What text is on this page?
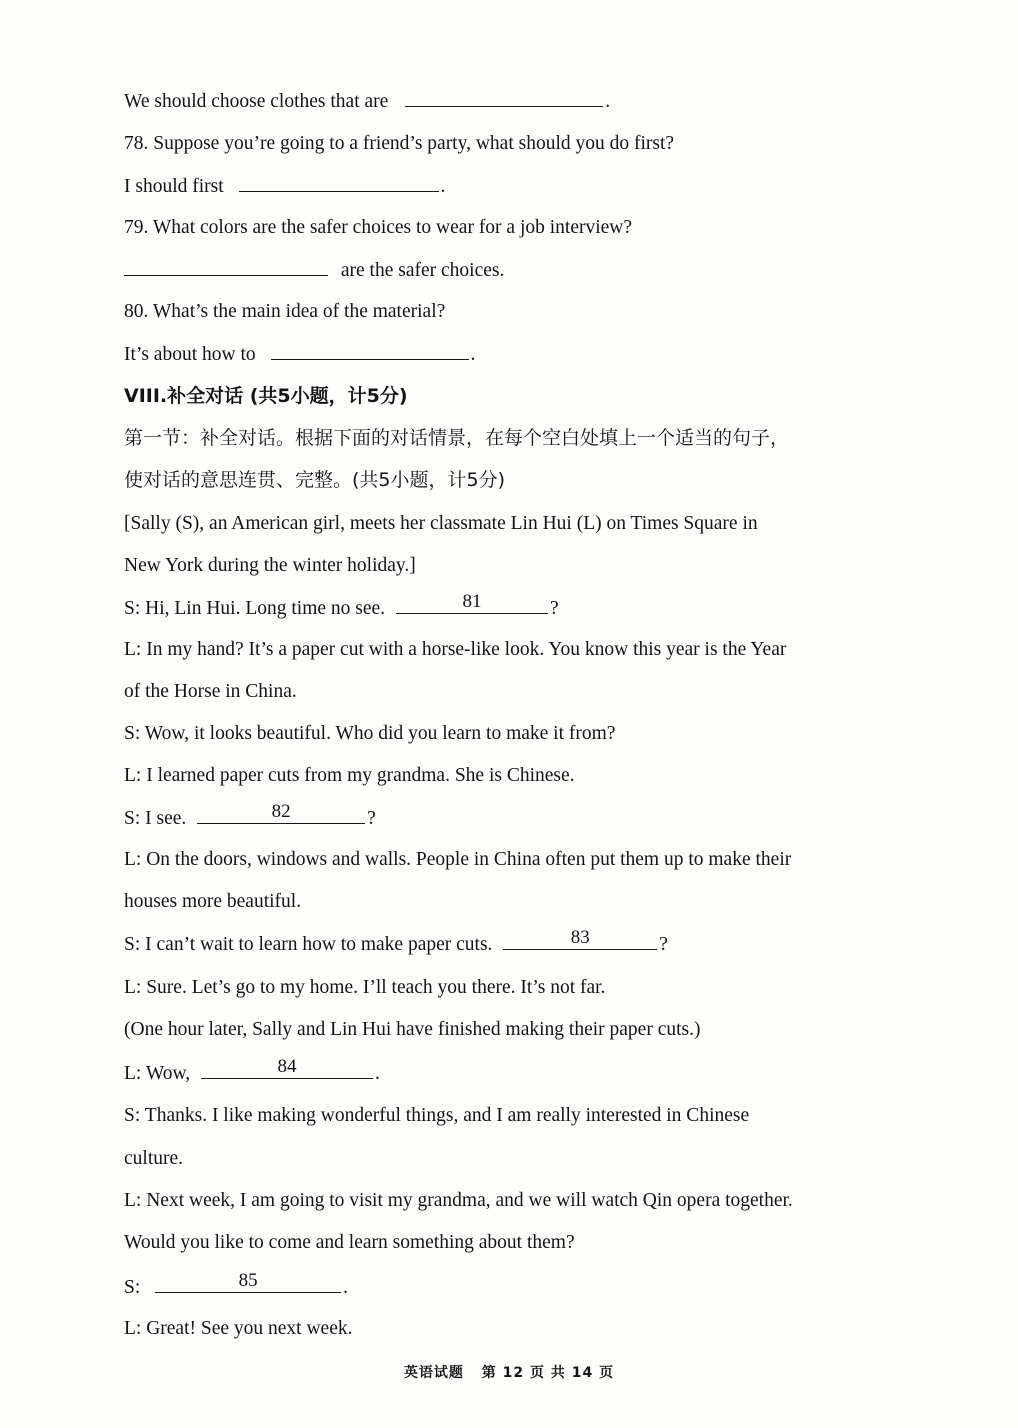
We should choose clothes that are	.
78. Suppose you’re going to a friend’s party, what should you do first?
I should first	.
79. What colors are the safer choices to wear for a job interview?
are the safer choices.
80. What’s the main idea of the material?
It’s about how to	.
VIII.补全对话 (共5小题，计5分)
第一节：补全对话。根据下面的对话情景，在每个空白处填上一个适当的句子，
使对话的意思连贯、完整。(共5小题，计5分)
[Sally (S), an American girl, meets her classmate Lin Hui (L) on Times Square in
New York during the winter holiday.]
S: Hi, Lin Hui. Long time no see.	81	?
L: In my hand? It’s a paper cut with a horse-like look. You know this year is the Year
of the Horse in China.
S: Wow, it looks beautiful. Who did you learn to make it from?
L: I learned paper cuts from my grandma. She is Chinese.
S: I see.	82	?
L: On the doors, windows and walls. People in China often put them up to make their
houses more beautiful.
S: I can’t wait to learn how to make paper cuts.	83	?
L: Sure. Let’s go to my home. I’ll teach you there. It’s not far.
(One hour later, Sally and Lin Hui have finished making their paper cuts.)
L: Wow,	84	.
S: Thanks. I like making wonderful things, and I am really interested in Chinese
culture.
L: Next week, I am going to visit my grandma, and we will watch Qin opera together.
Would you like to come and learn something about them?
S:	85	.
L: Great! See you next week.
英语试题 第 12 页 共 14 页
